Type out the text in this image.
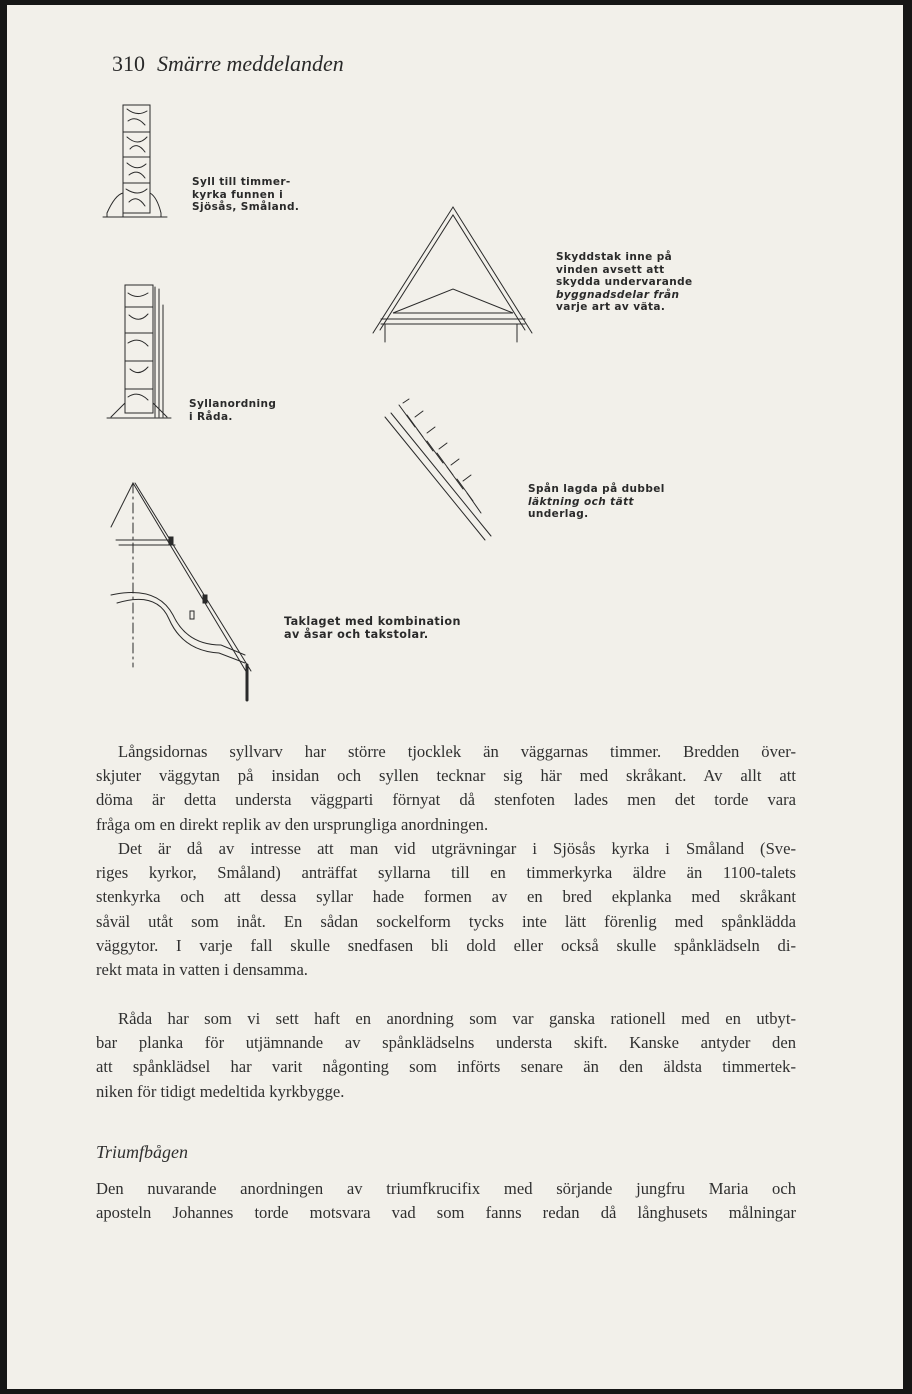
310 Smärre meddelanden
Syll till timmer-
kyrka funnen i
Sjösås, Småland.
Skyddstak inne på
vinden avsett att
skydda undervarande
byggnadsdelar från
varje art av väta.
Syllanordning
i Råda.
Spån lagda på dubbel
läktning och tätt
underlag.
Taklaget med kombination
av åsar och takstolar.
Långsidornas syllvarv har större tjocklek än väggarnas timmer. Bredden över-
skjuter väggytan på insidan och syllen tecknar sig här med skråkant. Av allt att
döma är detta understa väggparti förnyat då stenfoten lades men det torde vara
fråga om en direkt replik av den ursprungliga anordningen.
Det är då av intresse att man vid utgrävningar i Sjösås kyrka i Småland (Sve-
riges kyrkor, Småland) anträffat syllarna till en timmerkyrka äldre än 1100-talets
stenkyrka och att dessa syllar hade formen av en bred ekplanka med skråkant
såväl utåt som inåt. En sådan sockelform tycks inte lätt förenlig med spånklädda
väggytor. I varje fall skulle snedfasen bli dold eller också skulle spånklädseln di-
rekt mata in vatten i densamma.
Råda har som vi sett haft en anordning som var ganska rationell med en utbyt-
bar planka för utjämnande av spånklädselns understa skift. Kanske antyder den
att spånklädsel har varit någonting som införts senare än den äldsta timmertek-
niken för tidigt medeltida kyrkbygge.
Triumfbågen
Den nuvarande anordningen av triumfkrucifix med sörjande jungfru Maria och
aposteln Johannes torde motsvara vad som fanns redan då långhusets målningar
